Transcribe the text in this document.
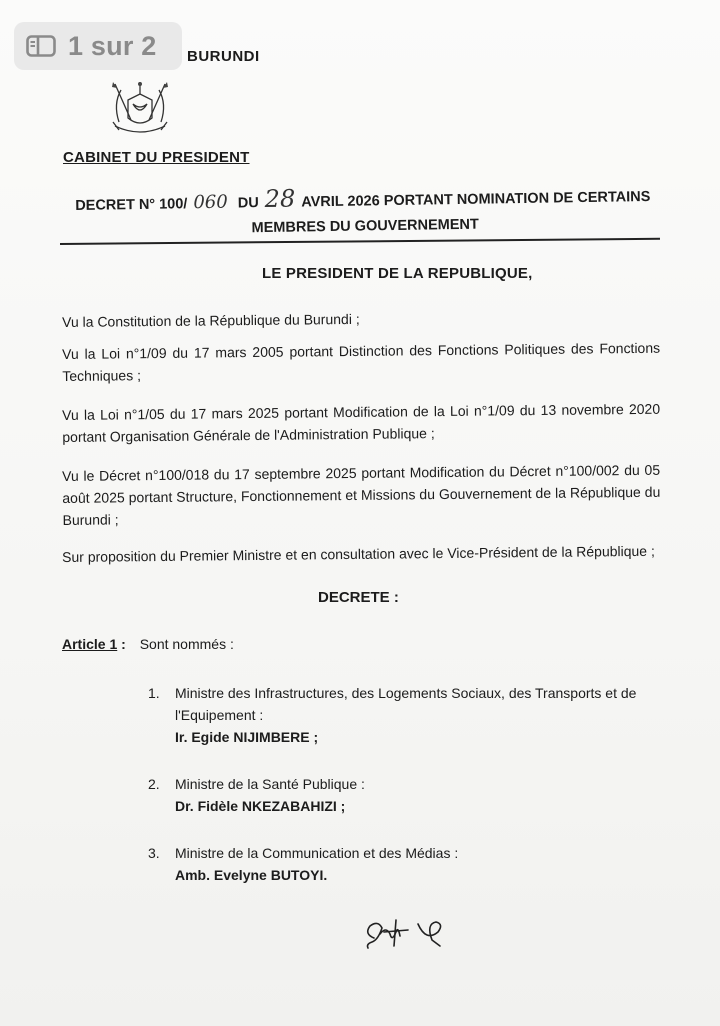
1 sur 2 BURUNDI
CABINET DU PRESIDENT
DECRET N° 100/ 060 DU 28 AVRIL 2026 PORTANT NOMINATION DE CERTAINS
MEMBRES DU GOUVERNEMENT
LE PRESIDENT DE LA REPUBLIQUE,
Vu la Constitution de la République du Burundi ;
Vu la Loi n°1/09 du 17 mars 2005 portant Distinction des Fonctions Politiques des Fonctions Techniques ;
Vu la Loi n°1/05 du 17 mars 2025 portant Modification de la Loi n°1/09 du 13 novembre 2020 portant Organisation Générale de l'Administration Publique ;
Vu le Décret n°100/018 du 17 septembre 2025 portant Modification du Décret n°100/002 du 05 août 2025 portant Structure, Fonctionnement et Missions du Gouvernement de la République du Burundi ;
Sur proposition du Premier Ministre et en consultation avec le Vice-Président de la République ;
DECRETE :
Article 1 : Sont nommés :
1.	Ministre des Infrastructures, des Logements Sociaux, des Transports et de l'Equipement :
Ir. Egide NIJIMBERE ;
2.	Ministre de la Santé Publique :
Dr. Fidèle NKEZABAHIZI ;
3.	Ministre de la Communication et des Médias :
Amb. Evelyne BUTOYI.
